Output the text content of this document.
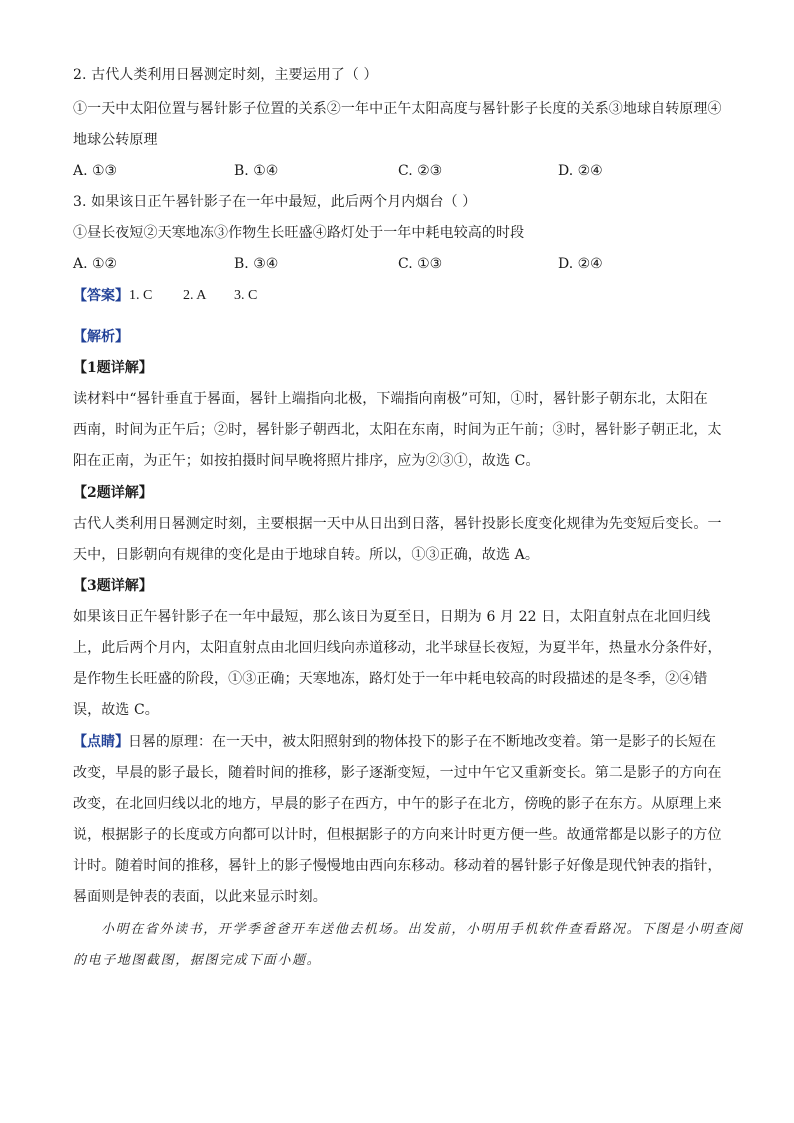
2. 古代人类利用日晷测定时刻，主要运用了（ ）
①一天中太阳位置与晷针影子位置的关系②一年中正午太阳高度与晷针影子长度的关系③地球自转原理④
地球公转原理
A. ①③	B. ①④	C. ②③	D. ②④
3. 如果该日正午晷针影子在一年中最短，此后两个月内烟台（ ）
①昼长夜短②天寒地冻③作物生长旺盛④路灯处于一年中耗电较高的时段
A. ①②	B. ③④	C. ①③	D. ②④
【答案】 1. C 2. A 3. C
【解析】
【1题详解】
读材料中“晷针垂直于晷面，晷针上端指向北极，下端指向南极”可知，①时，晷针影子朝东北，太阳在
西南，时间为正午后；②时，晷针影子朝西北，太阳在东南，时间为正午前；③时，晷针影子朝正北，太
阳在正南，为正午；如按拍摄时间早晚将照片排序，应为②③①，故选 C。
【2题详解】
古代人类利用日晷测定时刻，主要根据一天中从日出到日落，晷针投影长度变化规律为先变短后变长。一
天中，日影朝向有规律的变化是由于地球自转。所以，①③正确，故选 A。
【3题详解】
如果该日正午晷针影子在一年中最短，那么该日为夏至日，日期为 6 月 22 日，太阳直射点在北回归线
上，此后两个月内，太阳直射点由北回归线向赤道移动，北半球昼长夜短，为夏半年，热量水分条件好，
是作物生长旺盛的阶段，①③正确；天寒地冻，路灯处于一年中耗电较高的时段描述的是冬季，②④错
误，故选 C。
【点睛】 日晷的原理：在一天中，被太阳照射到的物体投下的影子在不断地改变着。第一是影子的长短在
改变，早晨的影子最长，随着时间的推移，影子逐渐变短，一过中午它又重新变长。第二是影子的方向在
改变，在北回归线以北的地方，早晨的影子在西方，中午的影子在北方，傍晚的影子在东方。从原理上来
说，根据影子的长度或方向都可以计时，但根据影子的方向来计时更方便一些。故通常都是以影子的方位
计时。随着时间的推移，晷针上的影子慢慢地由西向东移动。移动着的晷针影子好像是现代钟表的指针，
晷面则是钟表的表面，以此来显示时刻。
小明在省外读书，开学季爸爸开车送他去机场。出发前，小明用手机软件查看路况。下图是小明查阅
的电子地图截图，据图完成下面小题。
